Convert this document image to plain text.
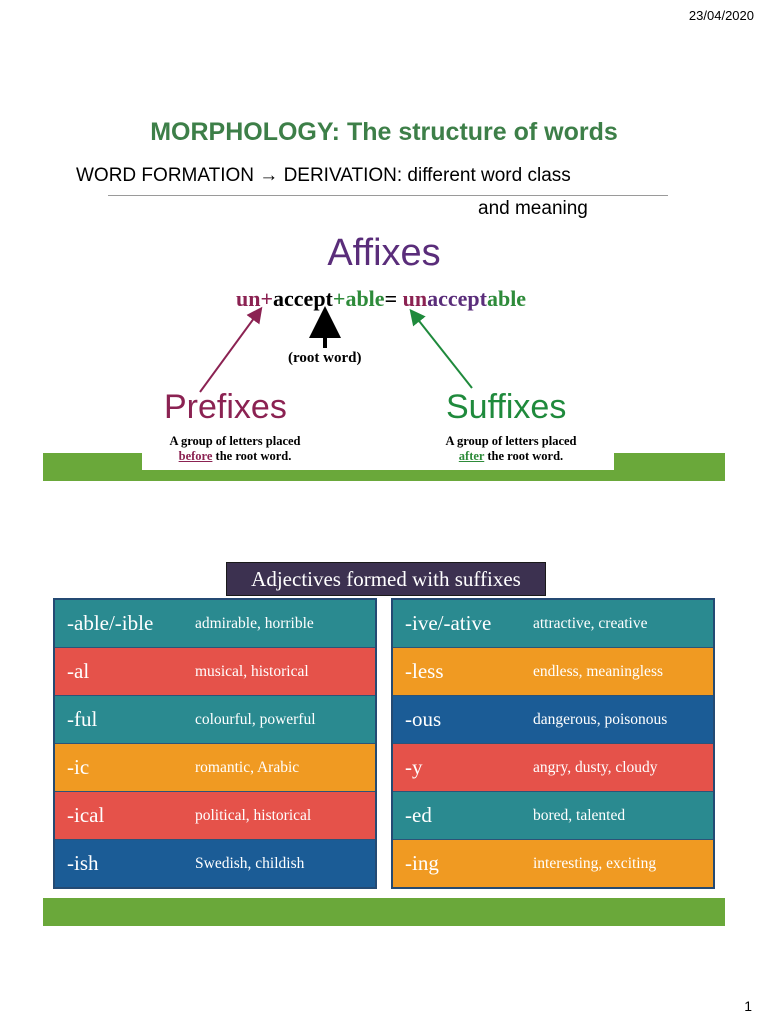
23/04/2020
MORPHOLOGY: The structure of words
WORD FORMATION → DERIVATION: different word class
and meaning
Affixes
un+accept+able= unacceptable
(root word)
Prefixes	Suffixes
A group of letters placed
before the root word.
A group of letters placed
after the root word.
Adjectives formed with suffixes
-able/-ible	admirable, horrible
-al	musical, historical
-ful	colourful, powerful
-ic	romantic, Arabic
-ical	political, historical
-ish	Swedish, childish
-ive/-ative	attractive, creative
-less	endless, meaningless
-ous	dangerous, poisonous
-y	angry, dusty, cloudy
-ed	bored, talented
-ing	interesting, exciting
1
